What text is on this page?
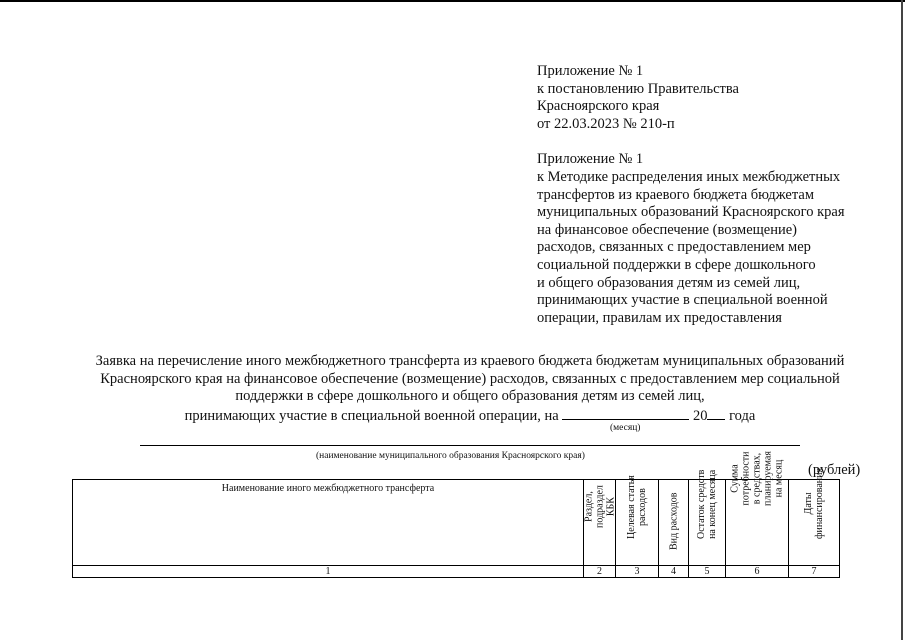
Приложение № 1
к постановлению Правительства
Красноярского края
от 22.03.2023 № 210-п
Приложение № 1
к Методике распределения иных межбюджетных
трансфертов из краевого бюджета бюджетам
муниципальных образований Красноярского края
на финансовое обеспечение (возмещение)
расходов, связанных с предоставлением мер
социальной поддержки в сфере дошкольного
и общего образования детям из семей лиц,
принимающих участие в специальной военной
операции, правилам их предоставления
Заявка на перечисление иного межбюджетного трансферта из краевого бюджета бюджетам муниципальных образований
Красноярского края на финансовое обеспечение (возмещение) расходов, связанных с предоставлением мер социальной
поддержки в сфере дошкольного и общего образования детям из семей лиц,
принимающих участие в специальной военной операции, на	20 года
(месяц)
(наименование муниципального образования Красноярского края)
(рублей)
Наименование иного межбюджетного трансферта	Раздел, подраздел КБК	Целевая статья расходов	Вид расходов	Остаток средств на конец месяца	Сумма потребности в средствах, планируемая на месяц	Даты финансирования

1	2	3	4	5	6	7
